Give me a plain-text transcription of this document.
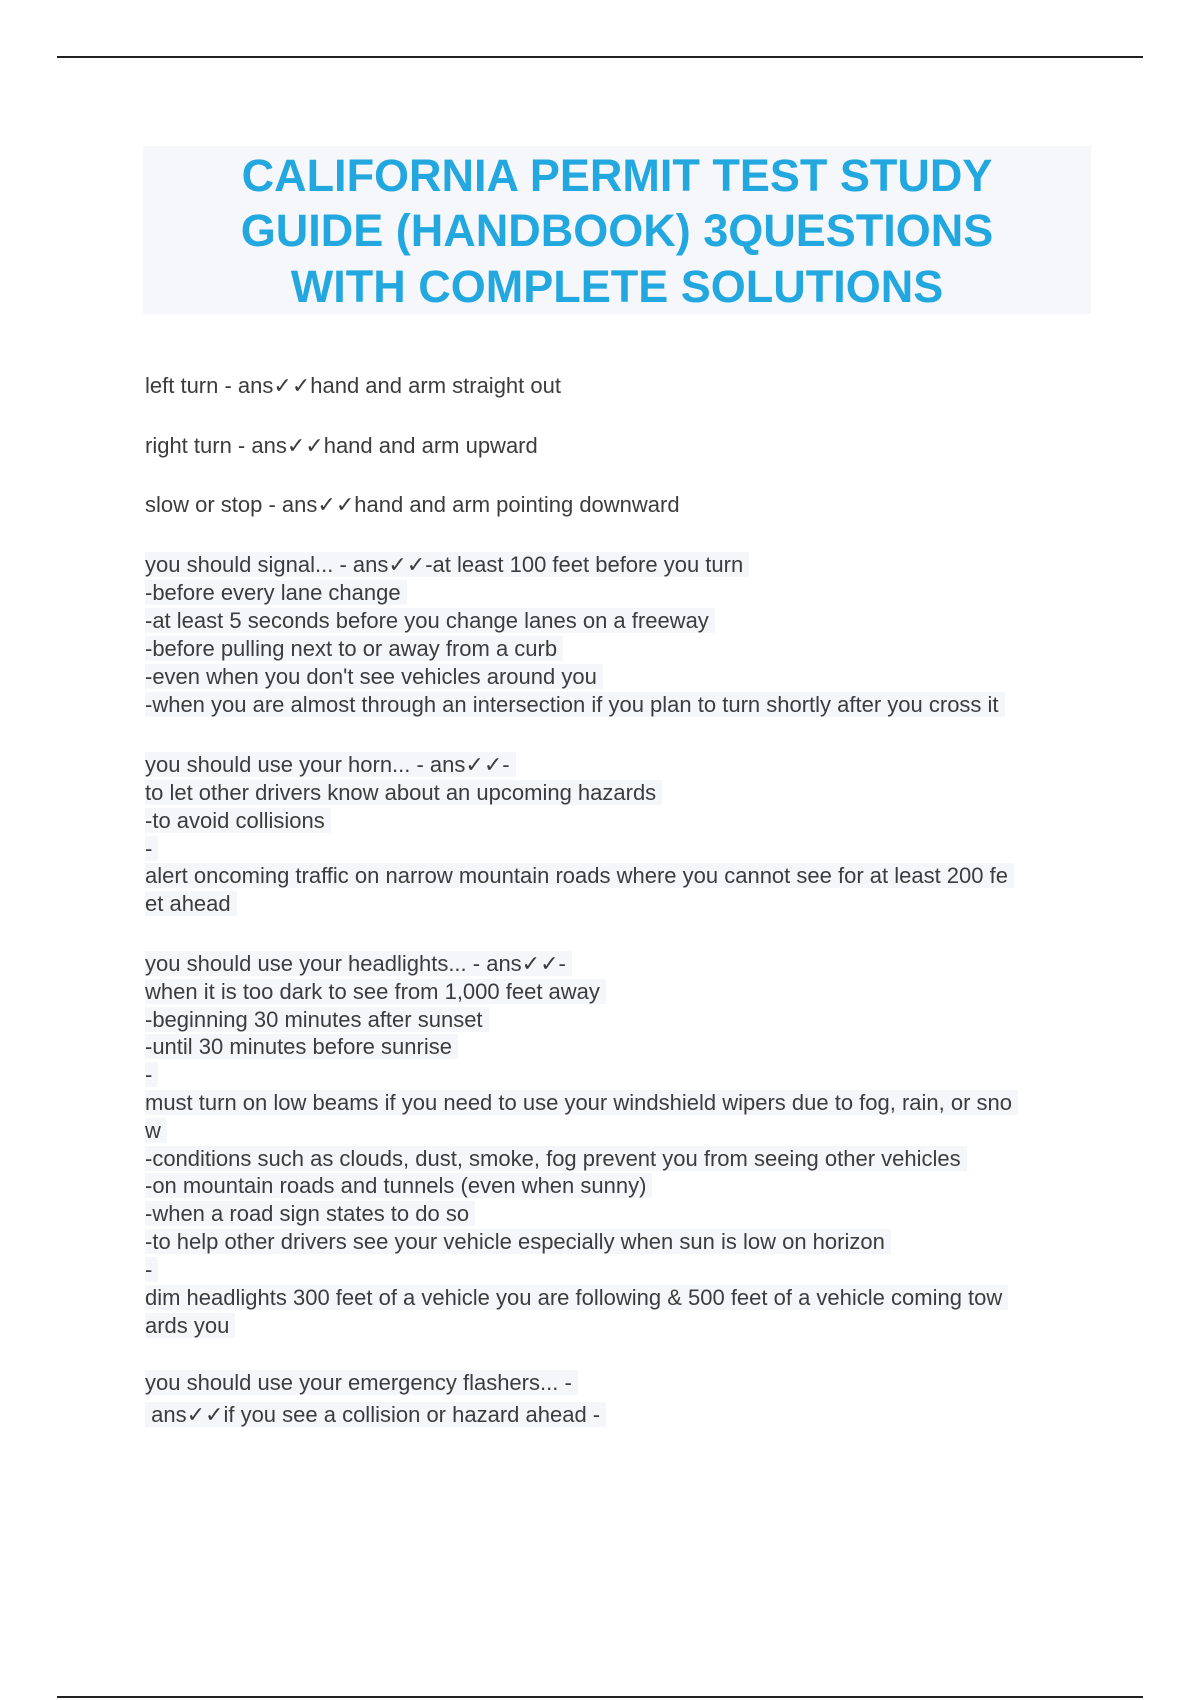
CALIFORNIA PERMIT TEST STUDY
GUIDE (HANDBOOK) 3QUESTIONS
WITH COMPLETE SOLUTIONS
left turn - ans✓✓hand and arm straight out
right turn - ans✓✓hand and arm upward
slow or stop - ans✓✓hand and arm pointing downward
you should signal... - ans✓✓-at least 100 feet before you turn
-before every lane change
-at least 5 seconds before you change lanes on a freeway
-before pulling next to or away from a curb
-even when you don't see vehicles around you
-when you are almost through an intersection if you plan to turn shortly after you cross it
you should use your horn... - ans✓✓-
to let other drivers know about an upcoming hazards
-to avoid collisions
-
alert oncoming traffic on narrow mountain roads where you cannot see for at least 200 fe
et ahead
you should use your headlights... - ans✓✓-
when it is too dark to see from 1,000 feet away
-beginning 30 minutes after sunset
-until 30 minutes before sunrise
-
must turn on low beams if you need to use your windshield wipers due to fog, rain, or sno
w
-conditions such as clouds, dust, smoke, fog prevent you from seeing other vehicles
-on mountain roads and tunnels (even when sunny)
-when a road sign states to do so
-to help other drivers see your vehicle especially when sun is low on horizon
-
dim headlights 300 feet of a vehicle you are following & 500 feet of a vehicle coming tow
ards you
you should use your emergency flashers... -
ans✓✓if you see a collision or hazard ahead -
